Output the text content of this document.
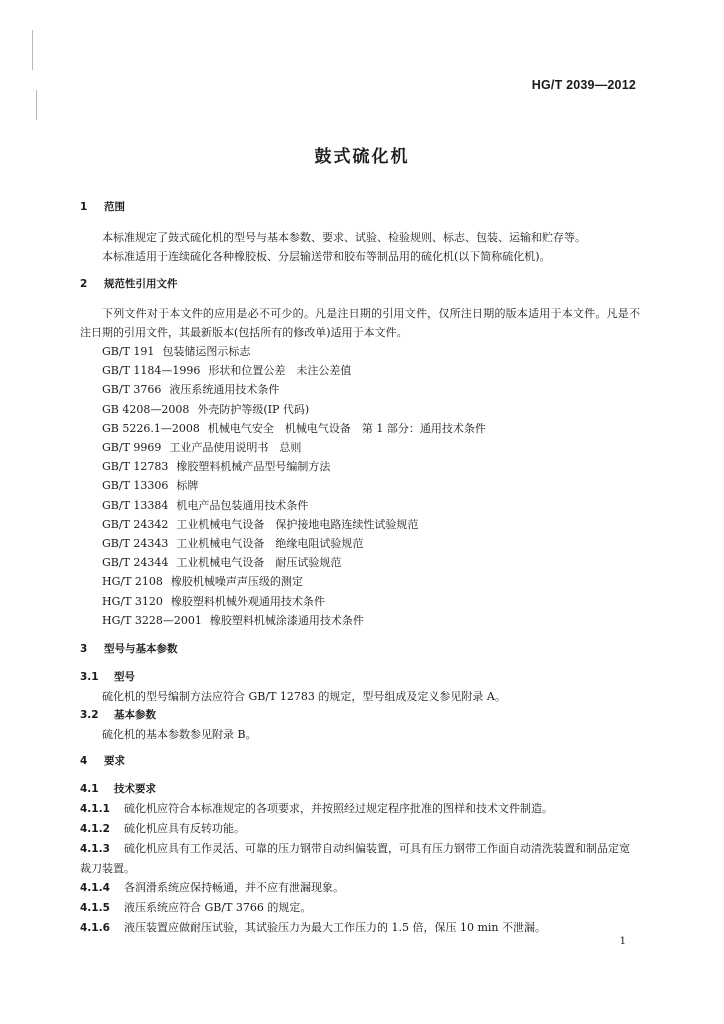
HG/T 2039—2012
鼓式硫化机
1 范围

本标准规定了鼓式硫化机的型号与基本参数、要求、试验、检验规则、标志、包装、运输和贮存等。

本标准适用于连续硫化各种橡胶板、分层输送带和胶布等制品用的硫化机(以下简称硫化机)。

2 规范性引用文件

下列文件对于本文件的应用是必不可少的。凡是注日期的引用文件，仅所注日期的版本适用于本文件。凡是不注日期的引用文件，其最新版本(包括所有的修改单)适用于本文件。

GB/T 191 包装储运图示标志
GB/T 1184—1996 形状和位置公差　未注公差值
GB/T 3766 液压系统通用技术条件
GB 4208—2008 外壳防护等级(IP 代码)
GB 5226.1—2008 机械电气安全　机械电气设备　第 1 部分：通用技术条件
GB/T 9969 工业产品使用说明书　总则
GB/T 12783 橡胶塑料机械产品型号编制方法
GB/T 13306 标牌
GB/T 13384 机电产品包装通用技术条件
GB/T 24342 工业机械电气设备　保护接地电路连续性试验规范
GB/T 24343 工业机械电气设备　绝缘电阻试验规范
GB/T 24344 工业机械电气设备　耐压试验规范
HG/T 2108 橡胶机械噪声声压级的测定
HG/T 3120 橡胶塑料机械外观通用技术条件
HG/T 3228—2001 橡胶塑料机械涂漆通用技术条件
3 型号与基本参数
3.1 型号

硫化机的型号编制方法应符合 GB/T 12783 的规定，型号组成及定义参见附录 A。

3.2 基本参数

硫化机的基本参数参见附录 B。

4 要求
4.1 技术要求

4.1.1 硫化机应符合本标准规定的各项要求，并按照经过规定程序批准的图样和技术文件制造。

4.1.2 硫化机应具有反转功能。

4.1.3 硫化机应具有工作灵活、可靠的压力钢带自动纠偏装置，可具有压力钢带工作面自动清洗装置和制品定宽裁刀装置。

4.1.4 各润滑系统应保持畅通，并不应有泄漏现象。

4.1.5 液压系统应符合 GB/T 3766 的规定。

4.1.6 液压装置应做耐压试验，其试验压力为最大工作压力的 1.5 倍，保压 10 min 不泄漏。

1
